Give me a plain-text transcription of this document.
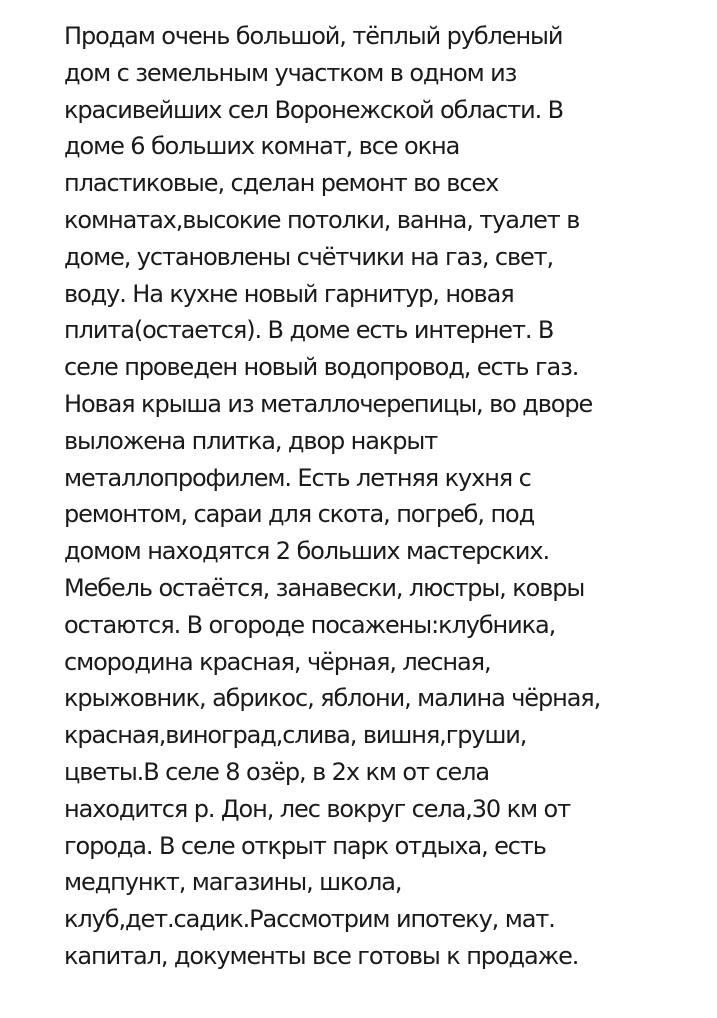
Продам очень большой, тёплый рубленый
дом с земельным участком в одном из
красивейших сел Воронежской области. В
доме 6 больших комнат, все окна
пластиковые, сделан ремонт во всех
комнатах,высокие потолки, ванна, туалет в
доме, установлены счётчики на газ, свет,
воду. На кухне новый гарнитур, новая
плита(остается). В доме есть интернет. В
селе проведен новый водопровод, есть газ.
Новая крыша из металлочерепицы, во дворе
выложена плитка, двор накрыт
металлопрофилем. Есть летняя кухня с
ремонтом, сараи для скота, погреб, под
домом находятся 2 больших мастерских.
Мебель остаётся, занавески, люстры, ковры
остаются. В огороде посажены:клубника,
смородина красная, чёрная, лесная,
крыжовник, абрикос, яблони, малина чёрная,
красная,виноград,слива, вишня,груши,
цветы.В селе 8 озёр, в 2х км от села
находится р. Дон, лес вокруг села,30 км от
города. В селе открыт парк отдыха, есть
медпункт, магазины, школа,
клуб,дет.садик.Рассмотрим ипотеку, мат.
капитал, документы все готовы к продаже.
